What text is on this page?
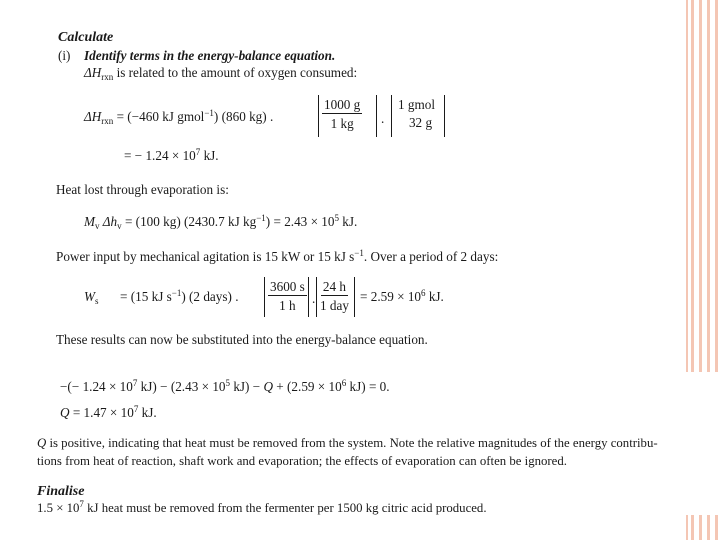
Calculate
(i) Identify terms in the energy-balance equation.
$\Delta H_{rxn}$ is related to the amount of oxygen consumed:
$\Delta H_{rxn} = (-460$ kJ gmol$^{-1}$) (860 kg) .	$\frac{1000 g}{1 kg}$ .
1 gmol
32 g
= − $1.24 \times 10^7$ kJ.
Heat lost through evaporation is:
$M_v$ $\Delta h_v = (100$ kg) (2430.7 kJ $kg^{-1}) = 2.43 \times 10^5$ kJ.
Power input by mechanical agitation is 15 kW or 15 kJ $s^{-1}$. Over a period of 2 days:
$W_s = (15$ kJ $s^{-1}$) (2 days) . $\frac{3600 s}{1 h}$ .
24 h
1 day
= $2.59 \times 10^6$ kJ.
These results can now be substituted into the energy-balance equation.
−(− $1.24 \times 10^7$ $kJ) - (2.43 \times 10^5$ $kJ) - Q + (2.59 \times 10^6$ kJ) = 0.
$Q = 1.47 \times 10^7$ kJ.
Q is positive, indicating that heat must be removed from the system. Note the relative magnitudes of the energy contribu-
tions from heat of reaction, shaft work and evaporation; the effects of evaporation can often be ignored.
Finalise
$1.5 \times 10^7$ kJ heat must be removed from the fermenter per 1500 kg citric acid produced.
